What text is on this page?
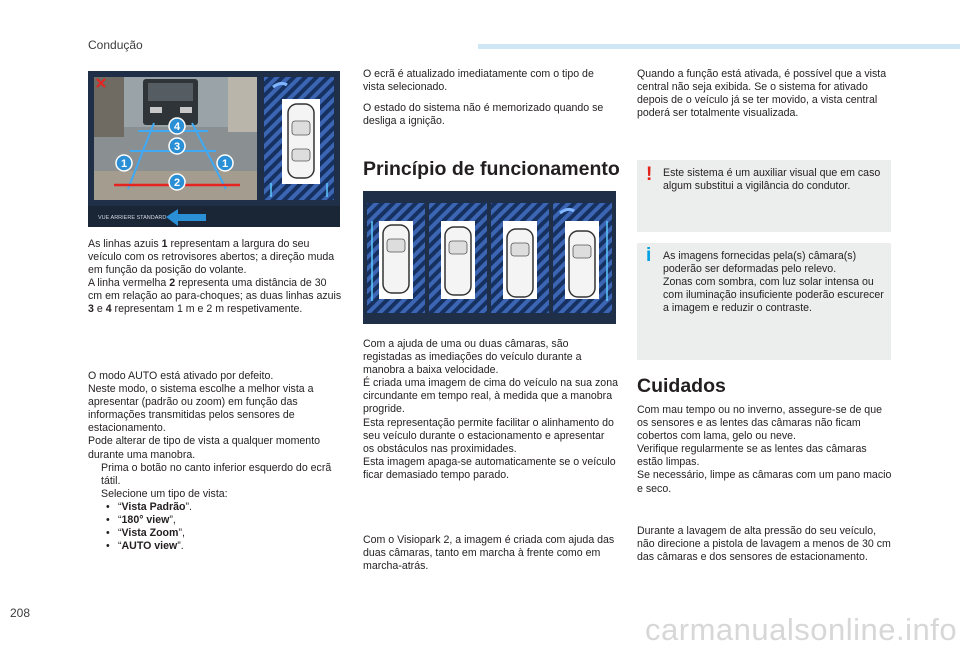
Condução
4
3
1	1
2
VUE ARRIERE STANDARD

As linhas azuis 1 representam a largura do seu veículo com os retrovisores abertos; a direção muda em função da posição do volante.

A linha vermelha 2 representa uma distância de 30 cm em relação ao para-choques; as duas linhas azuis 3 e 4 representam 1 m e 2 m respetivamente.

O modo AUTO está ativado por defeito.

Neste modo, o sistema escolhe a melhor vista a apresentar (padrão ou zoom) em função das informações transmitidas pelos sensores de estacionamento.

Pode alterar de tipo de vista a qualquer momento durante uma manobra.

Prima o botão no canto inferior esquerdo do ecrã tátil.
Selecione um tipo de vista:
• “Vista Padrão”.
• “180° view”,
• “Vista Zoom”,
• “AUTO view”.

O ecrã é atualizado imediatamente com o tipo de vista selecionado.

O estado do sistema não é memorizado quando se desliga a ignição.

Princípio de funcionamento

Com a ajuda de uma ou duas câmaras, são registadas as imediações do veículo durante a manobra a baixa velocidade.

É criada uma imagem de cima do veículo na sua zona circundante em tempo real, à medida que a manobra progride.

Esta representação permite facilitar o alinhamento do seu veículo durante o estacionamento e apresentar os obstáculos nas proximidades.

Esta imagem apaga-se automaticamente se o veículo ficar demasiado tempo parado.

Com o Visiopark 2, a imagem é criada com ajuda das duas câmaras, tanto em marcha à frente como em marcha-atrás.

Quando a função está ativada, é possível que a vista central não seja exibida. Se o sistema for ativado depois de o veículo já se ter movido, a vista central poderá ser totalmente visualizada.

! Este sistema é um auxiliar visual que em caso algum substitui a vigilância do condutor.
i As imagens fornecidas pela(s) câmara(s) poderão ser deformadas pelo relevo.

Zonas com sombra, com luz solar intensa ou com iluminação insuficiente poderão escurecer a imagem e reduzir o contraste.

Cuidados

Com mau tempo ou no inverno, assegure-se de que os sensores e as lentes das câmaras não ficam cobertos com lama, gelo ou neve.

Verifique regularmente se as lentes das câmaras estão limpas.

Se necessário, limpe as câmaras com um pano macio e seco.

Durante a lavagem de alta pressão do seu veículo, não direcione a pistola de lavagem a menos de 30 cm das câmaras e dos sensores de estacionamento.

208	carmanualsonline.info
